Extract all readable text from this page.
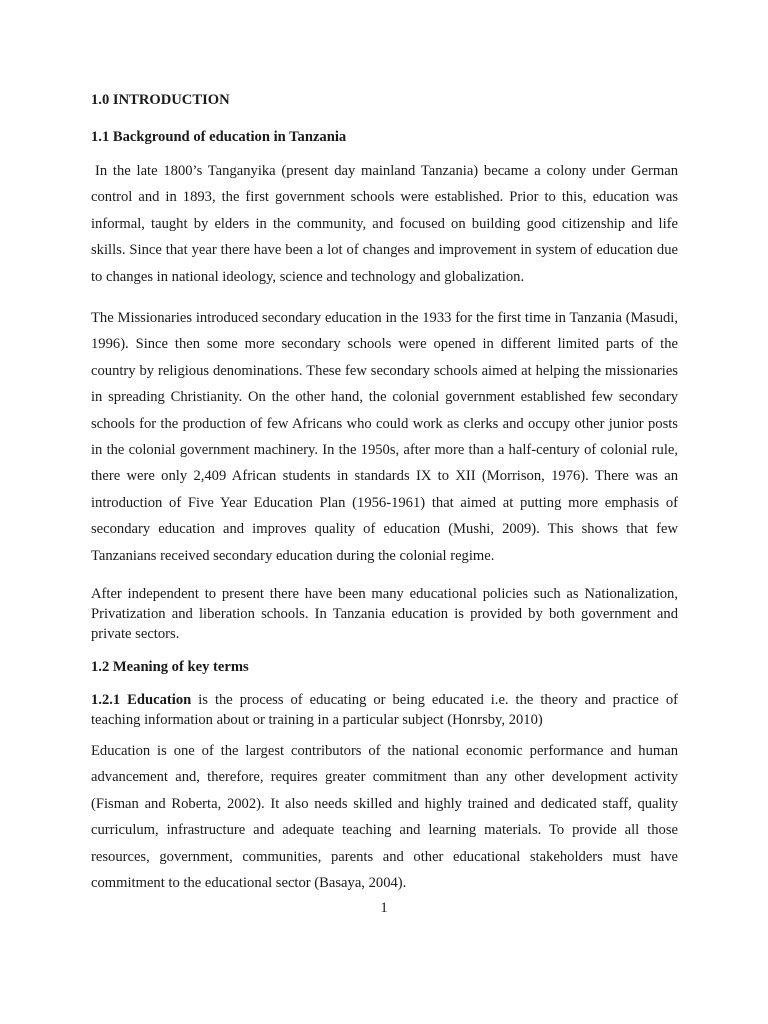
1.0 INTRODUCTION

1.1 Background of education in Tanzania

In the late 1800’s Tanganyika (present day mainland Tanzania) became a colony under German control and in 1893, the first government schools were established. Prior to this, education was informal, taught by elders in the community, and focused on building good citizenship and life skills. Since that year there have been a lot of changes and improvement in system of education due to changes in national ideology, science and technology and globalization.

The Missionaries introduced secondary education in the 1933 for the first time in Tanzania (Masudi, 1996). Since then some more secondary schools were opened in different limited parts of the country by religious denominations. These few secondary schools aimed at helping the missionaries in spreading Christianity. On the other hand, the colonial government established few secondary schools for the production of few Africans who could work as clerks and occupy other junior posts in the colonial government machinery. In the 1950s, after more than a half-century of colonial rule, there were only 2,409 African students in standards IX to XII (Morrison, 1976). There was an introduction of Five Year Education Plan (1956-1961) that aimed at putting more emphasis of secondary education and improves quality of education (Mushi, 2009). This shows that few Tanzanians received secondary education during the colonial regime.

After independent to present there have been many educational policies such as Nationalization, Privatization and liberation schools. In Tanzania education is provided by both government and private sectors.

1.2 Meaning of key terms

1.2.1 Education is the process of educating or being educated i.e. the theory and practice of teaching information about or training in a particular subject (Honrsby, 2010)

Education is one of the largest contributors of the national economic performance and human advancement and, therefore, requires greater commitment than any other development activity (Fisman and Roberta, 2002). It also needs skilled and highly trained and dedicated staff, quality curriculum, infrastructure and adequate teaching and learning materials. To provide all those resources, government, communities, parents and other educational stakeholders must have commitment to the educational sector (Basaya, 2004).

1
